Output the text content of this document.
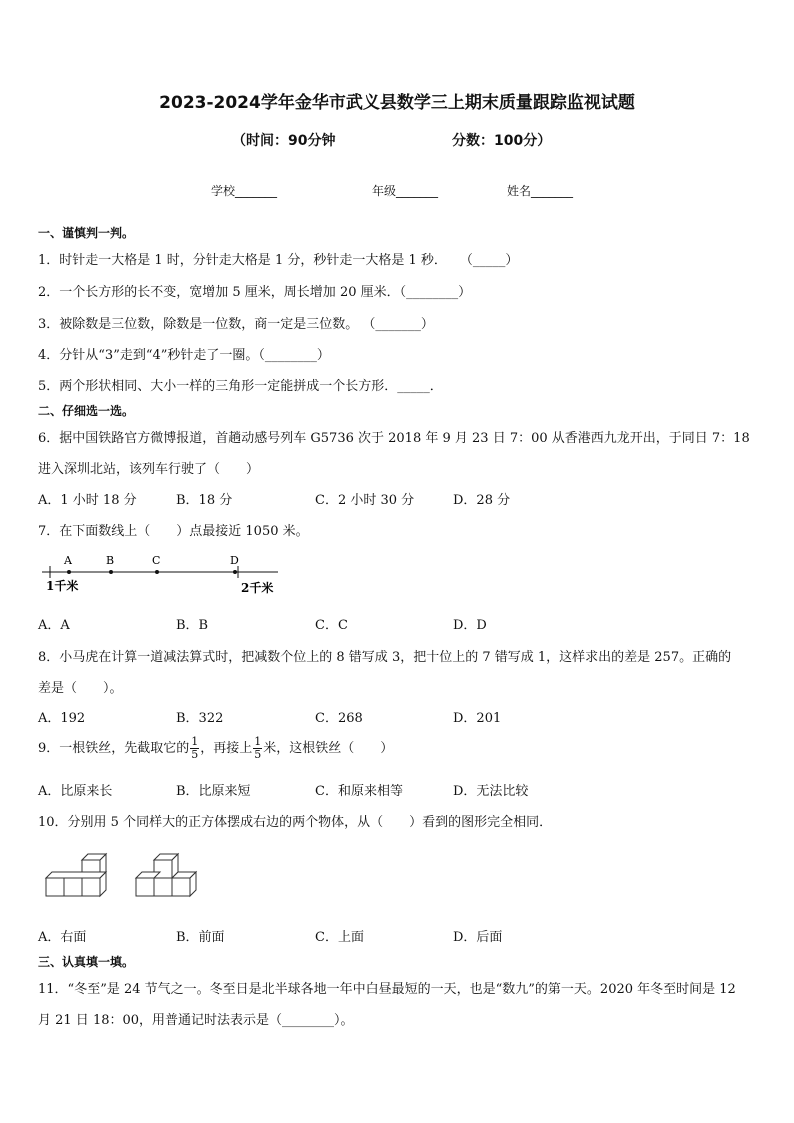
2023-2024学年金华市武义县数学三上期末质量跟踪监视试题
（时间：90分钟	分数：100分）
学校_______	年级_______	姓名_______
一、谨慎判一判。
1．时针走一大格是 1 时，分针走大格是 1 分，秒针走一大格是 1 秒．　　（_____）
2．一个长方形的长不变，宽增加 5 厘米，周长增加 20 厘米．（________）
3．被除数是三位数，除数是一位数，商一定是三位数。 （_______）
4．分针从“3”走到“4”秒针走了一圈。（________）
5．两个形状相同、大小一样的三角形一定能拼成一个长方形．_____．
二、仔细选一选。
6．据中国铁路官方微博报道，首趟动感号列车 G5736 次于 2018 年 9 月 23 日 7：00 从香港西九龙开出，于同日 7：18
进入深圳北站，该列车行驶了（　　）
A．1 小时 18 分	B．18 分	C．2 小时 30 分	D．28 分
7．在下面数线上（　　）点最接近 1050 米。
A	B	C	D
1千米	2千米
A．A	B．B	C．C	D．D
8．小马虎在计算一道减法算式时，把减数个位上的 8 错写成 3，把十位上的 7 错写成 1，这样求出的差是 257。正确的
差是（　　）。
A．192	B．322	C．268	D．201
9．一根铁丝，先截取它的 $\frac{1}{5}$ ，再接上 $\frac{1}{5}$ 米，这根铁丝（　　）
A．比原来长	B．比原来短	C．和原来相等	D．无法比较
10．分别用 5 个同样大的正方体摆成右边的两个物体，从（　　）看到的图形完全相同．
A．右面	B．前面	C．上面	D．后面
三、认真填一填。
11．“冬至”是 24 节气之一。冬至日是北半球各地一年中白昼最短的一天，也是“数九”的第一天。2020 年冬至时间是 12
月 21 日 18：00，用普通记时法表示是（________）。
